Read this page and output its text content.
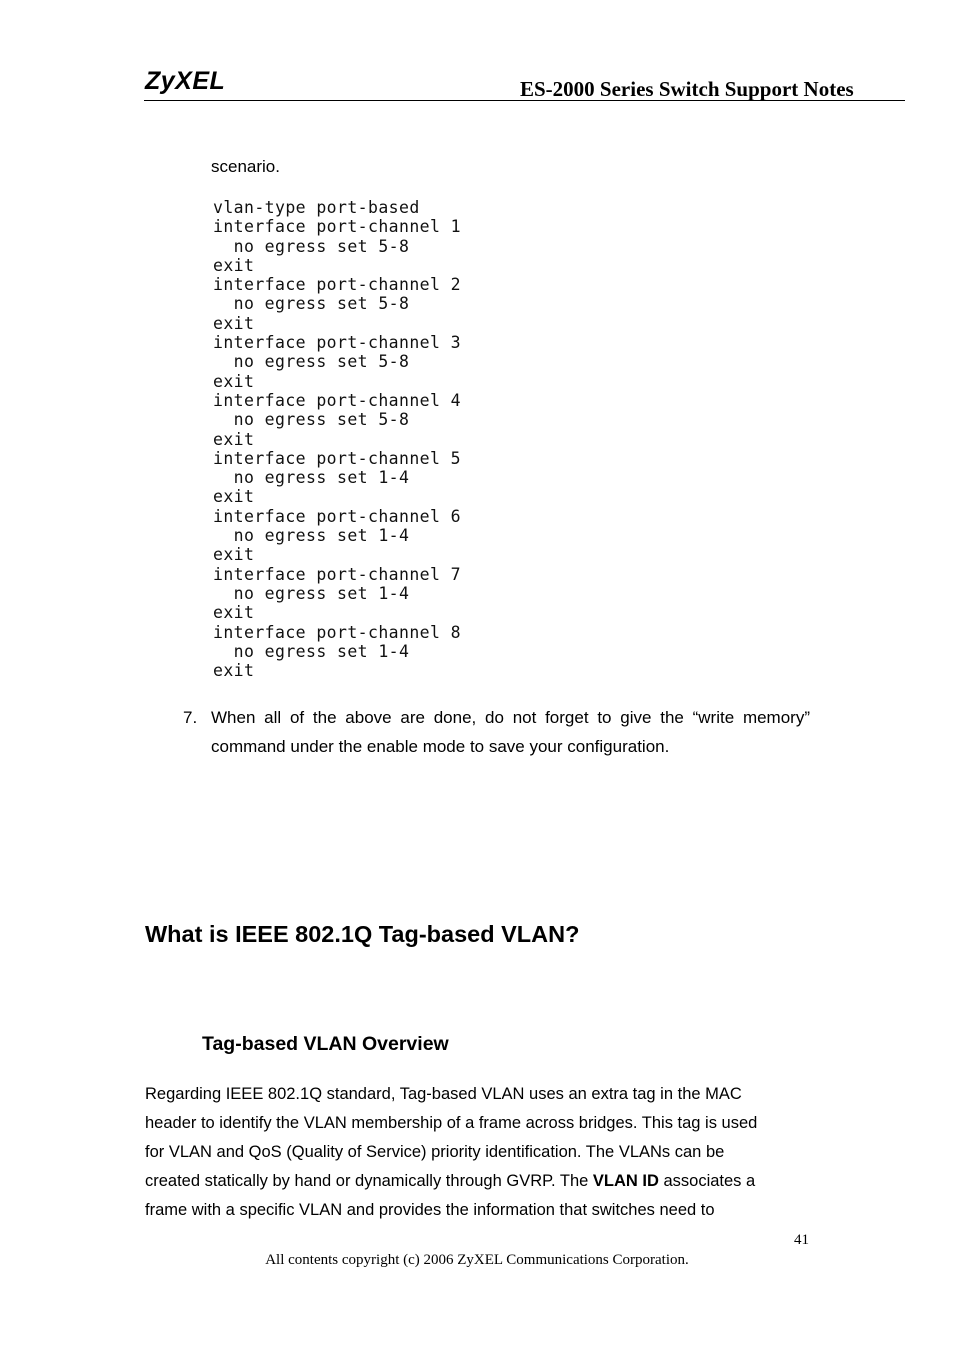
ZyXEL	ES-2000 Series Switch Support Notes
scenario.
vlan-type port-based
interface port-channel 1
no egress set 5-8
exit
interface port-channel 2
no egress set 5-8
exit
interface port-channel 3
no egress set 5-8
exit
interface port-channel 4
no egress set 5-8
exit
interface port-channel 5
no egress set 1-4
exit
interface port-channel 6
no egress set 1-4
exit
interface port-channel 7
no egress set 1-4
exit
interface port-channel 8
no egress set 1-4
exit
7. When all of the above are done, do not forget to give the “write memory” command under the enable mode to save your configuration.
What is IEEE 802.1Q Tag-based VLAN?
Tag-based VLAN Overview
Regarding IEEE 802.1Q standard, Tag-based VLAN uses an extra tag in the MAC
header to identify the VLAN membership of a frame across bridges. This tag is used
for VLAN and QoS (Quality of Service) priority identification. The VLANs can be
created statically by hand or dynamically through GVRP. The VLAN ID associates a
frame with a specific VLAN and provides the information that switches need to
41
All contents copyright (c) 2006 ZyXEL Communications Corporation.
